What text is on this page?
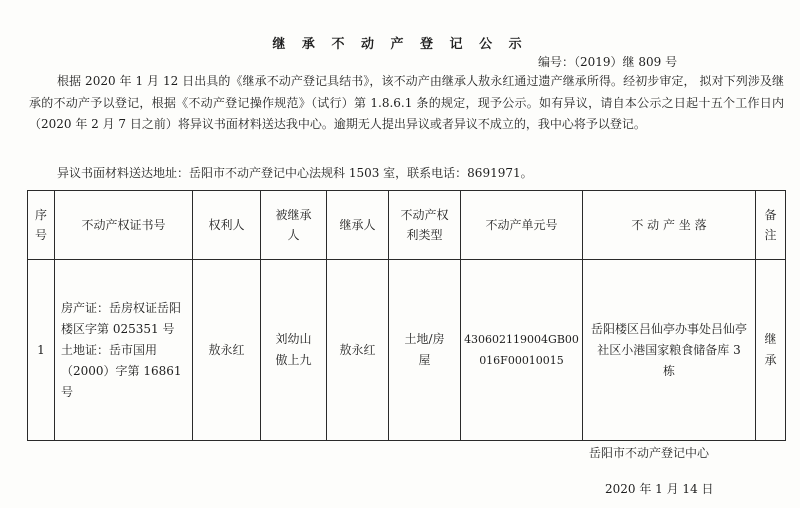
继 承 不 动 产 登 记 公 示
编号：（2019）继 809 号
根据 2020 年 1 月 12 日出具的《继承不动产登记具结书》，该不动产由继承人敖永红通过遗产继承所得。经初步审定， 拟对下列涉及继承的不动产予以登记，根据《不动产登记操作规范》（试行）第 1.8.6.1 条的规定，现予公示。如有异议，请自本公示之日起十五个工作日内（2020 年 2 月 7 日之前）将异议书面材料送达我中心。逾期无人提出异议或者异议不成立的，我中心将予以登记。
异议书面材料送达地址：岳阳市不动产登记中心法规科 1503 室，联系电话：8691971。
序号	不动产权证书号	权利人	被继承人	继承人	不动产权利类型	不动产单元号	不 动 产 坐 落	备注
1	房产证：岳房权证岳阳楼区字第 025351 号 土地证：岳市国用（2000）字第 16861 号	敖永红	刘幼山 傲上九	敖永红	土地/房屋	430602119004GB00016F00010015	岳阳楼区吕仙亭办事处吕仙亭社区小港国家粮食储备库 3 栋	继承
岳阳市不动产登记中心
2020 年 1 月 14 日
